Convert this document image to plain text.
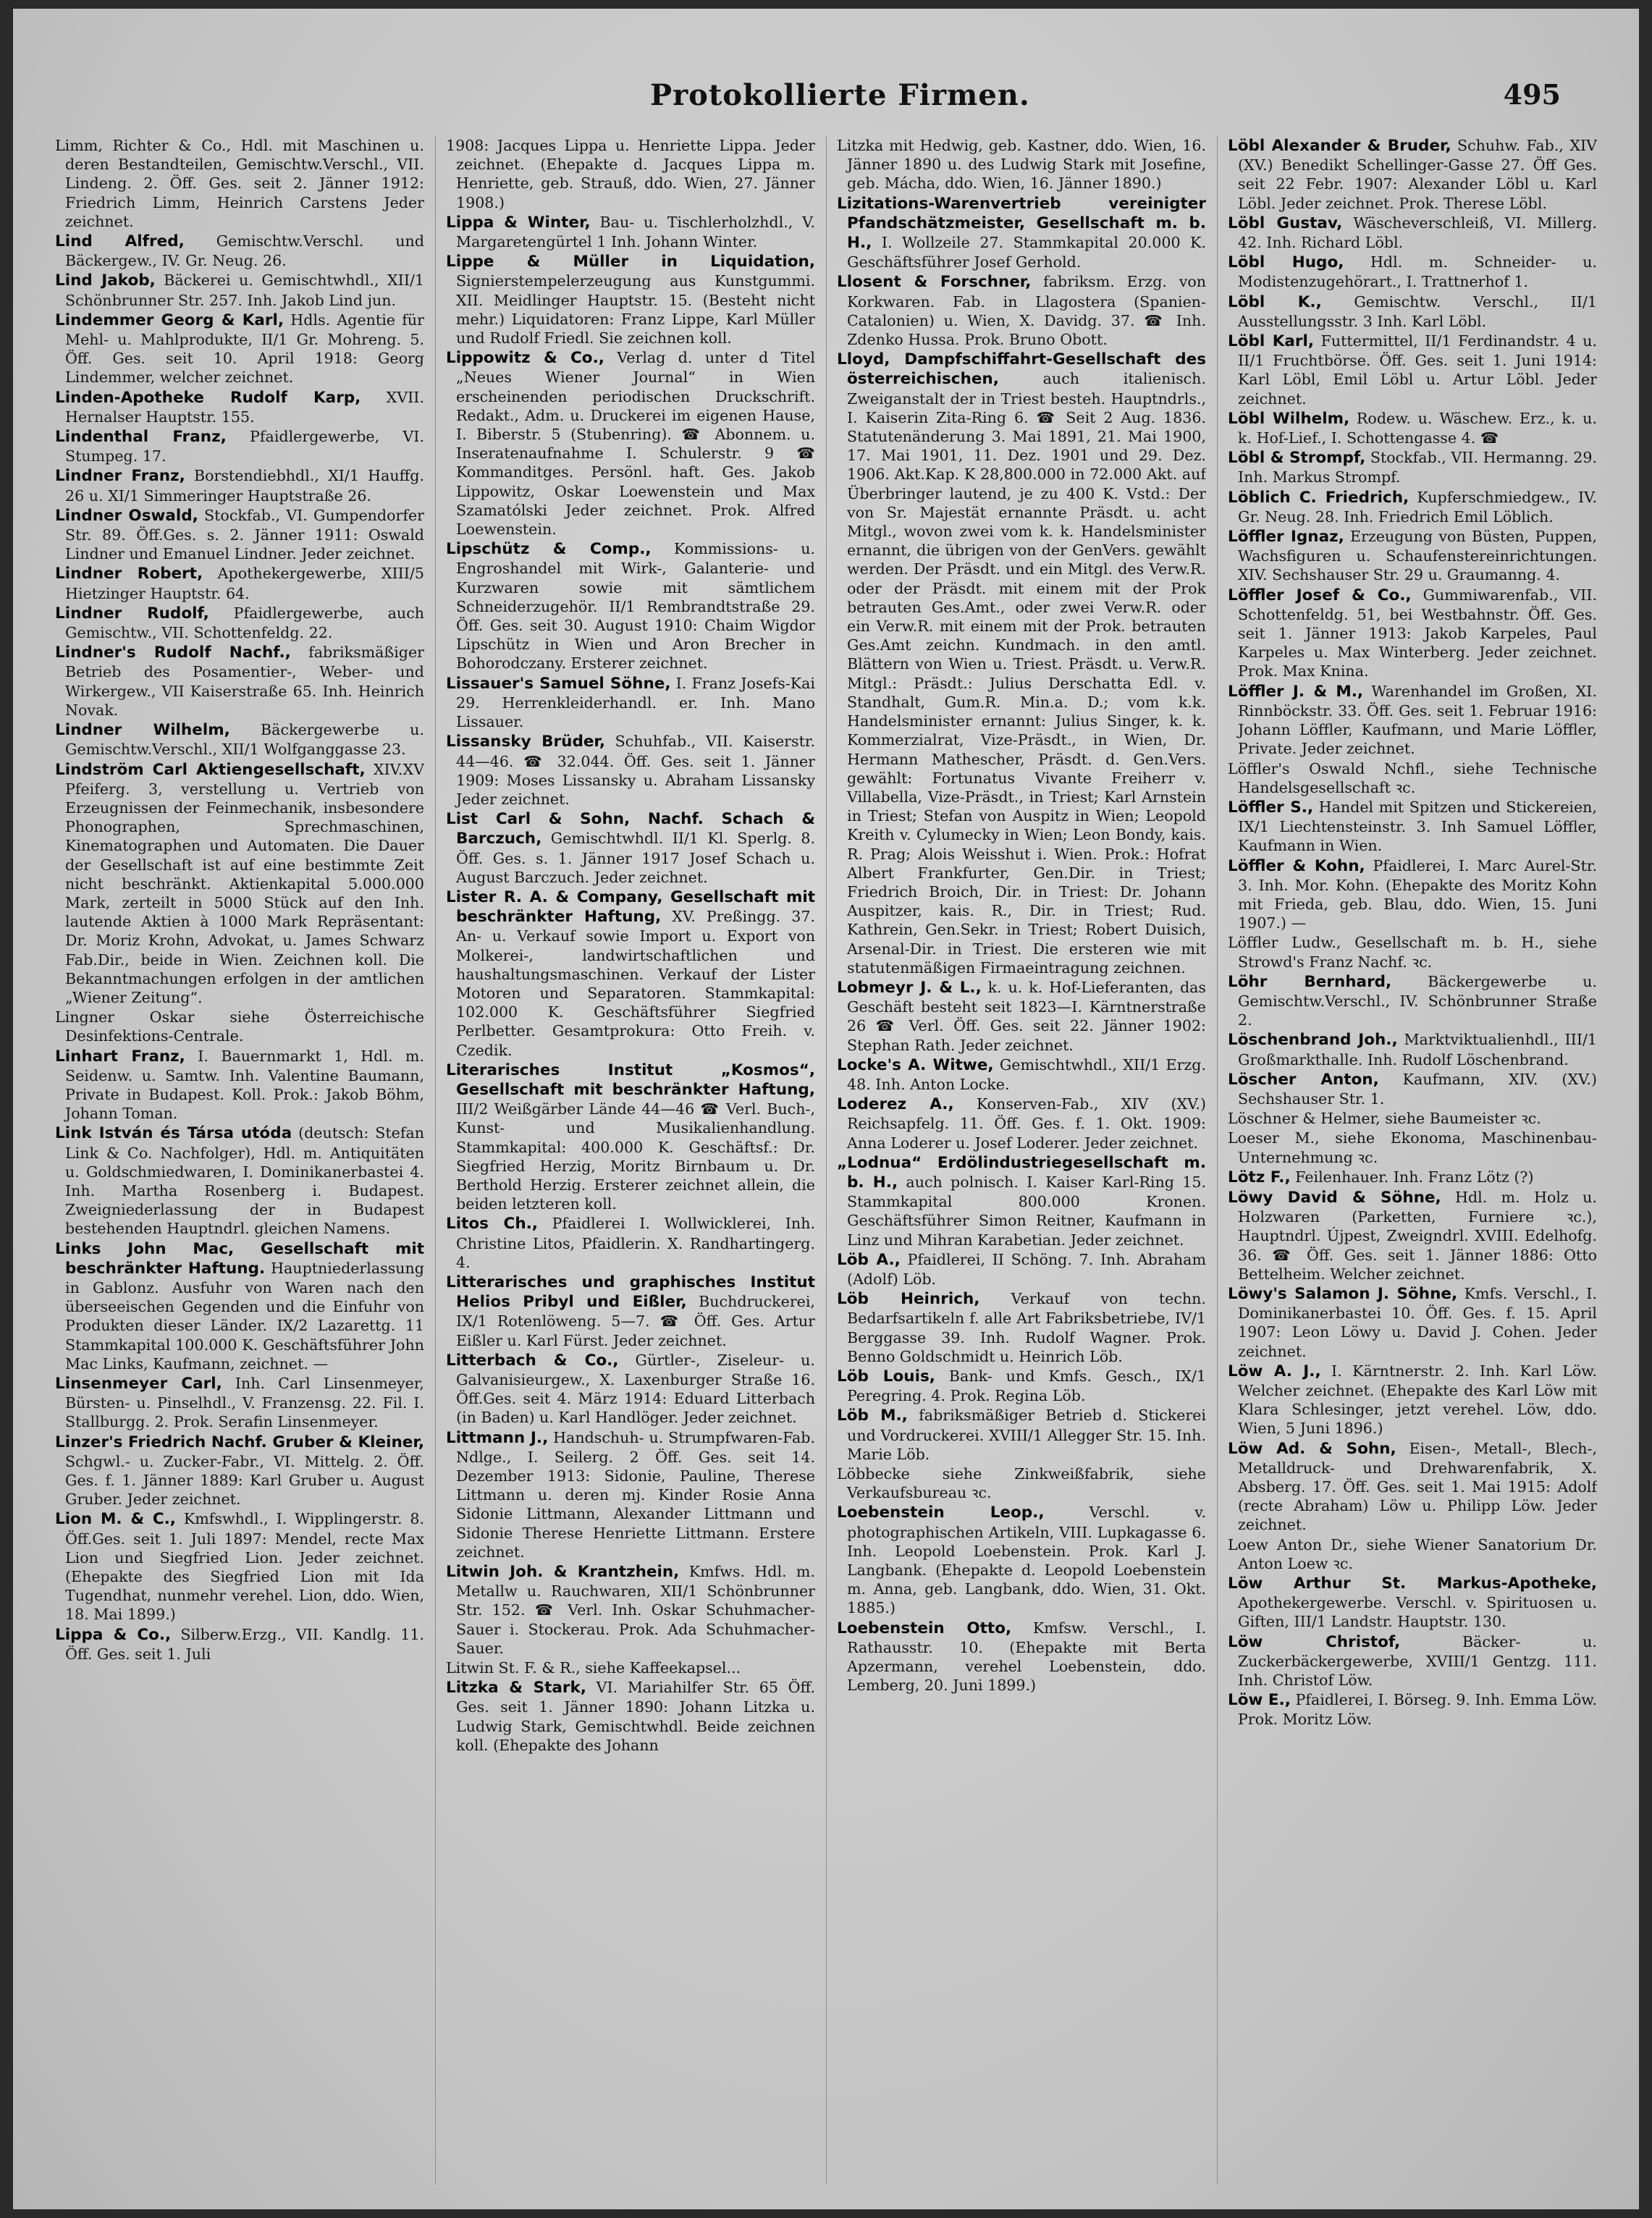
Protokollierte Firmen.	495

Limm, Richter & Co., Hdl. mit Maschinen u. deren Bestandteilen, Gemischtw.Verschl., VII. Lindeng. 2. Öff. Ges. seit 2. Jänner 1912: Friedrich Limm, Heinrich Carstens Jeder zeichnet.

Lind Alfred, Gemischtw.Verschl. und Bäckergew., IV. Gr. Neug. 26.

Lind Jakob, Bäckerei u. Gemischtwhdl., XII/1 Schönbrunner Str. 257. Inh. Jakob Lind jun.

Lindemmer Georg & Karl, Hdls. Agentie für Mehl- u. Mahlprodukte, II/1 Gr. Mohreng. 5. Öff. Ges. seit 10. April 1918: Georg Lindemmer, welcher zeichnet.

Linden-Apotheke Rudolf Karp, XVII. Hernalser Hauptstr. 155.

Lindenthal Franz, Pfaidlergewerbe, VI. Stumpeg. 17.

Lindner Franz, Borstendiebhdl., XI/1 Hauffg. 26 u. XI/1 Simmeringer Hauptstraße 26.

Lindner Oswald, Stockfab., VI. Gumpendorfer Str. 89. Öff.Ges. s. 2. Jänner 1911: Oswald Lindner und Emanuel Lindner. Jeder zeichnet.

Lindner Robert, Apothekergewerbe, XIII/5 Hietzinger Hauptstr. 64.

Lindner Rudolf, Pfaidlergewerbe, auch Gemischtw., VII. Schottenfeldg. 22.

Lindner's Rudolf Nachf., fabriksmäßiger Betrieb des Posamentier-, Weber- und Wirkergew., VII Kaiserstraße 65. Inh. Heinrich Novak.

Lindner Wilhelm, Bäckergewerbe u. Gemischtw.Verschl., XII/1 Wolfganggasse 23.

Lindström Carl Aktiengesellschaft, XIV.XV Pfeiferg. 3, verstellung u. Vertrieb von Erzeugnissen der Feinmechanik, insbesondere Phonographen, Sprechmaschinen, Kinematographen und Automaten. Die Dauer der Gesellschaft ist auf eine bestimmte Zeit nicht beschränkt. Aktienkapital 5.000.000 Mark, zerteilt in 5000 Stück auf den Inh. lautende Aktien à 1000 Mark Repräsentant: Dr. Moriz Krohn, Advokat, u. James Schwarz Fab.Dir., beide in Wien. Zeichnen koll. Die Bekanntmachungen erfolgen in der amtlichen „Wiener Zeitung“.

Lingner Oskar siehe Österreichische Desinfektions-Centrale.

Linhart Franz, I. Bauernmarkt 1, Hdl. m. Seidenw. u. Samtw. Inh. Valentine Baumann, Private in Budapest. Koll. Prok.: Jakob Böhm, Johann Toman.

Link István és Társa utóda (deutsch: Stefan Link & Co. Nachfolger), Hdl. m. Antiquitäten u. Goldschmiedwaren, I. Dominikanerbastei 4. Inh. Martha Rosenberg i. Budapest. Zweigniederlassung der in Budapest bestehenden Hauptndrl. gleichen Namens.

Links John Mac, Gesellschaft mit beschränkter Haftung. Hauptniederlassung in Gablonz. Ausfuhr von Waren nach den überseeischen Gegenden und die Einfuhr von Produkten dieser Länder. IX/2 Lazarettg. 11 Stammkapital 100.000 K. Geschäftsführer John Mac Links, Kaufmann, zeichnet. —

Linsenmeyer Carl, Inh. Carl Linsenmeyer, Bürsten- u. Pinselhdl., V. Franzensg. 22. Fil. I. Stallburgg. 2. Prok. Serafin Linsenmeyer.

Linzer's Friedrich Nachf. Gruber & Kleiner, Schgwl.- u. Zucker-Fabr., VI. Mittelg. 2. Öff. Ges. f. 1. Jänner 1889: Karl Gruber u. August Gruber. Jeder zeichnet.

Lion M. & C., Kmfswhdl., I. Wipplingerstr. 8. Öff.Ges. seit 1. Juli 1897: Mendel, recte Max Lion und Siegfried Lion. Jeder zeichnet. (Ehepakte des Siegfried Lion mit Ida Tugendhat, nunmehr verehel. Lion, ddo. Wien, 18. Mai 1899.)

Lippa & Co., Silberw.Erzg., VII. Kandlg. 11. Öff. Ges. seit 1. Juli

1908: Jacques Lippa u. Henriette Lippa. Jeder zeichnet. (Ehepakte d. Jacques Lippa m. Henriette, geb. Strauß, ddo. Wien, 27. Jänner 1908.)

Lippa & Winter, Bau- u. Tischlerholzhdl., V. Margaretengürtel 1 Inh. Johann Winter.

Lippe & Müller in Liquidation, Signierstempelerzeugung aus Kunstgummi. XII. Meidlinger Hauptstr. 15. (Besteht nicht mehr.) Liquidatoren: Franz Lippe, Karl Müller und Rudolf Friedl. Sie zeichnen koll.

Lippowitz & Co., Verlag d. unter d Titel „Neues Wiener Journal“ in Wien erscheinenden periodischen Druckschrift. Redakt., Adm. u. Druckerei im eigenen Hause, I. Biberstr. 5 (Stubenring). ☎ Abonnem. u. Inseratenaufnahme I. Schulerstr. 9 ☎ Kommanditges. Persönl. haft. Ges. Jakob Lippowitz, Oskar Loewenstein und Max Szamatólski Jeder zeichnet. Prok. Alfred Loewenstein.

Lipschütz & Comp., Kommissions- u. Engroshandel mit Wirk-, Galanterie- und Kurzwaren sowie mit sämtlichem Schneiderzugehör. II/1 Rembrandtstraße 29. Öff. Ges. seit 30. August 1910: Chaim Wigdor Lipschütz in Wien und Aron Brecher in Bohorodczany. Ersterer zeichnet.

Lissauer's Samuel Söhne, I. Franz Josefs-Kai 29. Herrenkleiderhandl. er. Inh. Mano Lissauer.

Lissansky Brüder, Schuhfab., VII. Kaiserstr. 44—46. ☎ 32.044. Öff. Ges. seit 1. Jänner 1909: Moses Lissansky u. Abraham Lissansky Jeder zeichnet.

List Carl & Sohn, Nachf. Schach & Barczuch, Gemischtwhdl. II/1 Kl. Sperlg. 8. Öff. Ges. s. 1. Jänner 1917 Josef Schach u. August Barczuch. Jeder zeichnet.

Lister R. A. & Company, Gesellschaft mit beschränkter Haftung, XV. Preßingg. 37. An- u. Verkauf sowie Import u. Export von Molkerei-, landwirtschaftlichen und haushaltungsmaschinen. Verkauf der Lister Motoren und Separatoren. Stammkapital: 102.000 K. Geschäftsführer Siegfried Perlbetter. Gesamtprokura: Otto Freih. v. Czedik.

Literarisches Institut „Kosmos“, Gesellschaft mit beschränkter Haftung, III/2 Weißgärber Lände 44—46 ☎ Verl. Buch-, Kunst- und Musikalienhandlung. Stammkapital: 400.000 K. Geschäftsf.: Dr. Siegfried Herzig, Moritz Birnbaum u. Dr. Berthold Herzig. Ersterer zeichnet allein, die beiden letzteren koll.

Litos Ch., Pfaidlerei I. Wollwicklerei, Inh. Christine Litos, Pfaidlerin. X. Randhartingerg. 4.

Litterarisches und graphisches Institut Helios Pribyl und Eißler, Buchdruckerei, IX/1 Rotenlöweng. 5—7. ☎ Öff. Ges. Artur Eißler u. Karl Fürst. Jeder zeichnet.

Litterbach & Co., Gürtler-, Ziseleur- u. Galvanisieurgew., X. Laxenburger Straße 16. Öff.Ges. seit 4. März 1914: Eduard Litterbach (in Baden) u. Karl Handlöger. Jeder zeichnet.

Littmann J., Handschuh- u. Strumpfwaren-Fab. Ndlge., I. Seilerg. 2 Öff. Ges. seit 14. Dezember 1913: Sidonie, Pauline, Therese Littmann u. deren mj. Kinder Rosie Anna Sidonie Littmann, Alexander Littmann und Sidonie Therese Henriette Littmann. Erstere zeichnet.

Litwin Joh. & Krantzhein, Kmfws. Hdl. m. Metallw u. Rauchwaren, XII/1 Schönbrunner Str. 152. ☎ Verl. Inh. Oskar Schuhmacher-Sauer i. Stockerau. Prok. Ada Schuhmacher-Sauer.

Litwin St. F. & R., siehe Kaffeekapsel...

Litzka & Stark, VI. Mariahilfer Str. 65 Öff. Ges. seit 1. Jänner 1890: Johann Litzka u. Ludwig Stark, Gemischtwhdl. Beide zeichnen koll. (Ehepakte des Johann

Litzka mit Hedwig, geb. Kastner, ddo. Wien, 16. Jänner 1890 u. des Ludwig Stark mit Josefine, geb. Mácha, ddo. Wien, 16. Jänner 1890.)

Lizitations-Warenvertrieb vereinigter Pfandschätzmeister, Gesellschaft m. b. H., I. Wollzeile 27. Stammkapital 20.000 K. Geschäftsführer Josef Gerhold.

Llosent & Forschner, fabriksm. Erzg. von Korkwaren. Fab. in Llagostera (Spanien-Catalonien) u. Wien, X. Davidg. 37. ☎ Inh. Zdenko Hussa. Prok. Bruno Obott.

Lloyd, Dampfschiffahrt-Gesellschaft des österreichischen, auch italienisch. Zweiganstalt der in Triest besteh. Hauptndrls., I. Kaiserin Zita-Ring 6. ☎ Seit 2 Aug. 1836. Statutenänderung 3. Mai 1891, 21. Mai 1900, 17. Mai 1901, 11. Dez. 1901 und 29. Dez. 1906. Akt.Kap. K 28,800.000 in 72.000 Akt. auf Überbringer lautend, je zu 400 K. Vstd.: Der von Sr. Majestät ernannte Präsdt. u. acht Mitgl., wovon zwei vom k. k. Handelsminister ernannt, die übrigen von der GenVers. gewählt werden. Der Präsdt. und ein Mitgl. des Verw.R. oder der Präsdt. mit einem mit der Prok betrauten Ges.Amt., oder zwei Verw.R. oder ein Verw.R. mit einem mit der Prok. betrauten Ges.Amt zeichn. Kundmach. in den amtl. Blättern von Wien u. Triest. Präsdt. u. Verw.R. Mitgl.: Präsdt.: Julius Derschatta Edl. v. Standhalt, Gum.R. Min.a. D.; vom k.k. Handelsminister ernannt: Julius Singer, k. k. Kommerzialrat, Vize-Präsdt., in Wien, Dr. Hermann Mathescher, Präsdt. d. Gen.Vers. gewählt: Fortunatus Vivante Freiherr v. Villabella, Vize-Präsdt., in Triest; Karl Arnstein in Triest; Stefan von Auspitz in Wien; Leopold Kreith v. Cylumecky in Wien; Leon Bondy, kais. R. Prag; Alois Weisshut i. Wien. Prok.: Hofrat Albert Frankfurter, Gen.Dir. in Triest; Friedrich Broich, Dir. in Triest: Dr. Johann Auspitzer, kais. R., Dir. in Triest; Rud. Kathrein, Gen.Sekr. in Triest; Robert Duisich, Arsenal-Dir. in Triest. Die ersteren wie mit statutenmäßigen Firmaeintragung zeichnen.

Lobmeyr J. & L., k. u. k. Hof-Lieferanten, das Geschäft besteht seit 1823—I. Kärntnerstraße 26 ☎ Verl. Öff. Ges. seit 22. Jänner 1902: Stephan Rath. Jeder zeichnet.

Locke's A. Witwe, Gemischtwhdl., XII/1 Erzg. 48. Inh. Anton Locke.

Loderez A., Konserven-Fab., XIV (XV.) Reichsapfelg. 11. Öff. Ges. f. 1. Okt. 1909: Anna Loderer u. Josef Loderer. Jeder zeichnet.

„Lodnua“ Erdölindustriegesellschaft m. b. H., auch polnisch. I. Kaiser Karl-Ring 15. Stammkapital 800.000 Kronen. Geschäftsführer Simon Reitner, Kaufmann in Linz und Mihran Karabetian. Jeder zeichnet.

Löb A., Pfaidlerei, II Schöng. 7. Inh. Abraham (Adolf) Löb.

Löb Heinrich, Verkauf von techn. Bedarfsartikeln f. alle Art Fabriksbetriebe, IV/1 Berggasse 39. Inh. Rudolf Wagner. Prok. Benno Goldschmidt u. Heinrich Löb.

Löb Louis, Bank- und Kmfs. Gesch., IX/1 Peregring. 4. Prok. Regina Löb.

Löb M., fabriksmäßiger Betrieb d. Stickerei und Vordruckerei. XVIII/1 Allegger Str. 15. Inh. Marie Löb.

Löbbecke siehe Zinkweißfabrik, siehe Verkaufsbureau ꝛc.

Loebenstein Leop., Verschl. v. photographischen Artikeln, VIII. Lupkagasse 6. Inh. Leopold Loebenstein. Prok. Karl J. Langbank. (Ehepakte d. Leopold Loebenstein m. Anna, geb. Langbank, ddo. Wien, 31. Okt. 1885.)

Loebenstein Otto, Kmfsw. Verschl., I. Rathausstr. 10. (Ehepakte mit Berta Apzermann, verehel Loebenstein, ddo. Lemberg, 20. Juni 1899.)

Löbl Alexander & Bruder, Schuhw. Fab., XIV (XV.) Benedikt Schellinger-Gasse 27. Öff Ges. seit 22 Febr. 1907: Alexander Löbl u. Karl Löbl. Jeder zeichnet. Prok. Therese Löbl.

Löbl Gustav, Wäscheverschleiß, VI. Millerg. 42. Inh. Richard Löbl.

Löbl Hugo, Hdl. m. Schneider- u. Modistenzugehörart., I. Trattnerhof 1.

Löbl K., Gemischtw. Verschl., II/1 Ausstellungsstr. 3 Inh. Karl Löbl.

Löbl Karl, Futtermittel, II/1 Ferdinandstr. 4 u. II/1 Fruchtbörse. Öff. Ges. seit 1. Juni 1914: Karl Löbl, Emil Löbl u. Artur Löbl. Jeder zeichnet.

Löbl Wilhelm, Rodew. u. Wäschew. Erz., k. u. k. Hof-Lief., I. Schottengasse 4. ☎

Löbl & Strompf, Stockfab., VII. Hermanng. 29. Inh. Markus Strompf.

Löblich C. Friedrich, Kupferschmiedgew., IV. Gr. Neug. 28. Inh. Friedrich Emil Löblich.

Löffler Ignaz, Erzeugung von Büsten, Puppen, Wachsfiguren u. Schaufenstereinrichtungen. XIV. Sechshauser Str. 29 u. Graumanng. 4.

Löffler Josef & Co., Gummiwarenfab., VII. Schottenfeldg. 51, bei Westbahnstr. Öff. Ges. seit 1. Jänner 1913: Jakob Karpeles, Paul Karpeles u. Max Winterberg. Jeder zeichnet. Prok. Max Knina.

Löffler J. & M., Warenhandel im Großen, XI. Rinnböckstr. 33. Öff. Ges. seit 1. Februar 1916: Johann Löffler, Kaufmann, und Marie Löffler, Private. Jeder zeichnet.

Löffler's Oswald Nchfl., siehe Technische Handelsgesellschaft ꝛc.

Löffler S., Handel mit Spitzen und Stickereien, IX/1 Liechtensteinstr. 3. Inh Samuel Löffler, Kaufmann in Wien.

Löffler & Kohn, Pfaidlerei, I. Marc Aurel-Str. 3. Inh. Mor. Kohn. (Ehepakte des Moritz Kohn mit Frieda, geb. Blau, ddo. Wien, 15. Juni 1907.) —

Löffler Ludw., Gesellschaft m. b. H., siehe Strowd's Franz Nachf. ꝛc.

Löhr Bernhard, Bäckergewerbe u. Gemischtw.Verschl., IV. Schönbrunner Straße 2.

Löschenbrand Joh., Marktviktualienhdl., III/1 Großmarkthalle. Inh. Rudolf Löschenbrand.

Löscher Anton, Kaufmann, XIV. (XV.) Sechshauser Str. 1.

Löschner & Helmer, siehe Baumeister ꝛc.

Loeser M., siehe Ekonoma, Maschinenbau-Unternehmung ꝛc.

Lötz F., Feilenhauer. Inh. Franz Lötz (?)

Löwy David & Söhne, Hdl. m. Holz u. Holzwaren (Parketten, Furniere ꝛc.), Hauptndrl. Újpest, Zweigndrl. XVIII. Edelhofg. 36. ☎ Öff. Ges. seit 1. Jänner 1886: Otto Bettelheim. Welcher zeichnet.

Löwy's Salamon J. Söhne, Kmfs. Verschl., I. Dominikanerbastei 10. Öff. Ges. f. 15. April 1907: Leon Löwy u. David J. Cohen. Jeder zeichnet.

Löw A. J., I. Kärntnerstr. 2. Inh. Karl Löw. Welcher zeichnet. (Ehepakte des Karl Löw mit Klara Schlesinger, jetzt verehel. Löw, ddo. Wien, 5 Juni 1896.)

Löw Ad. & Sohn, Eisen-, Metall-, Blech-, Metalldruck- und Drehwarenfabrik, X. Absberg. 17. Öff. Ges. seit 1. Mai 1915: Adolf (recte Abraham) Löw u. Philipp Löw. Jeder zeichnet.

Loew Anton Dr., siehe Wiener Sanatorium Dr. Anton Loew ꝛc.

Löw Arthur St. Markus-Apotheke, Apothekergewerbe. Verschl. v. Spirituosen u. Giften, III/1 Landstr. Hauptstr. 130.

Löw Christof, Bäcker- u. Zuckerbäckergewerbe, XVIII/1 Gentzg. 111. Inh. Christof Löw.

Löw E., Pfaidlerei, I. Börseg. 9. Inh. Emma Löw. Prok. Moritz Löw.
